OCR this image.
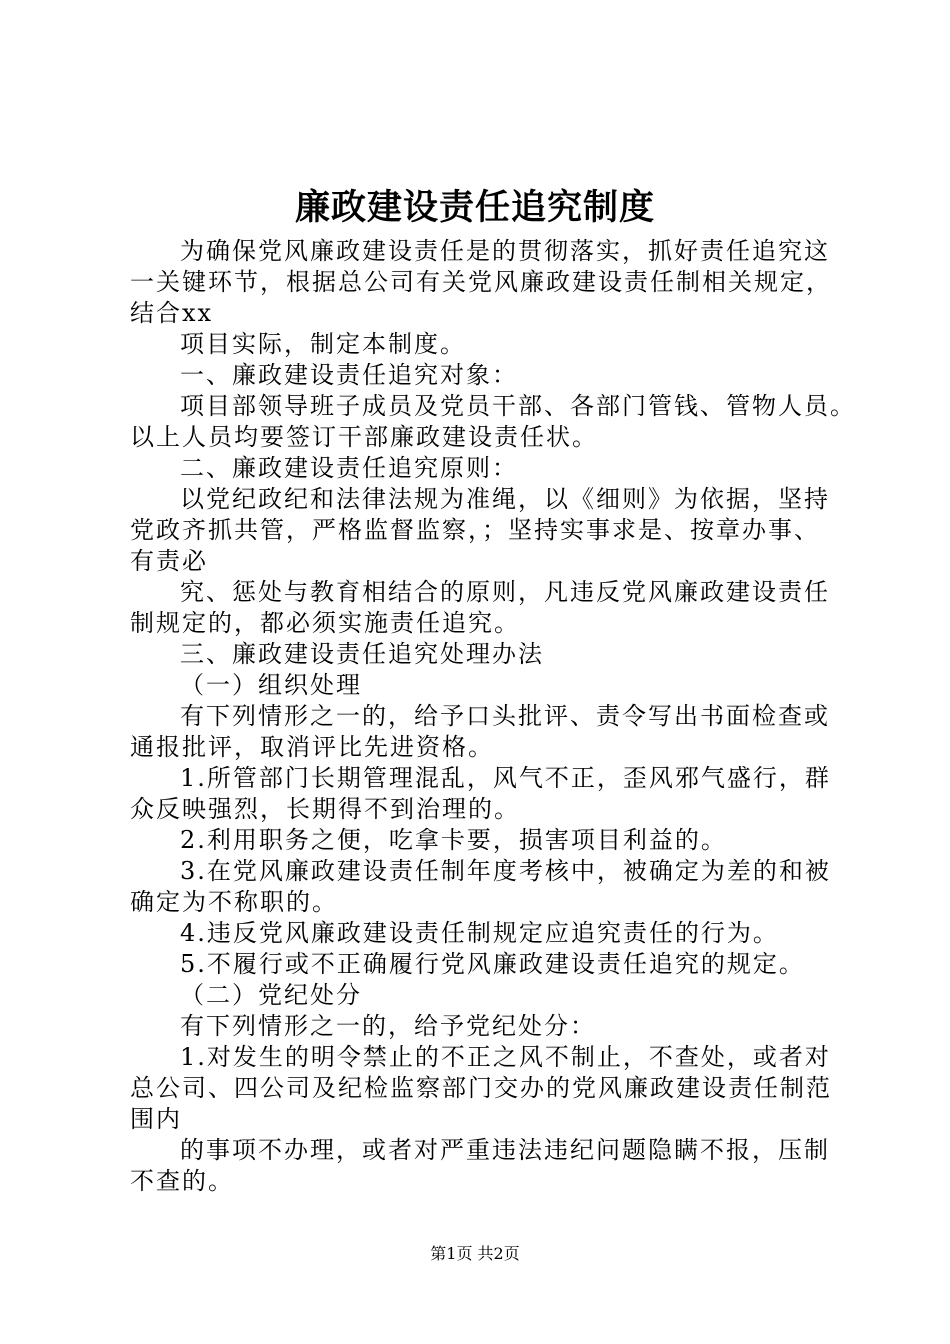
廉政建设责任追究制度
为确保党风廉政建设责任是的贯彻落实，抓好责任追究这
一关键环节，根据总公司有关党风廉政建设责任制相关规定，
结合xx
项目实际，制定本制度。
一、廉政建设责任追究对象：
项目部领导班子成员及党员干部、各部门管钱、管物人员。
以上人员均要签订干部廉政建设责任状。
二、廉政建设责任追究原则：
以党纪政纪和法律法规为准绳，以《细则》为依据，坚持
党政齐抓共管，严格监督监察，；坚持实事求是、按章办事、
有责必
究、惩处与教育相结合的原则，凡违反党风廉政建设责任
制规定的，都必须实施责任追究。
三、廉政建设责任追究处理办法
（一）组织处理
有下列情形之一的，给予口头批评、责令写出书面检查或
通报批评，取消评比先进资格。
1.所管部门长期管理混乱，风气不正，歪风邪气盛行，群
众反映强烈，长期得不到治理的。
2.利用职务之便，吃拿卡要，损害项目利益的。
3.在党风廉政建设责任制年度考核中，被确定为差的和被
确定为不称职的。
4.违反党风廉政建设责任制规定应追究责任的行为。
5.不履行或不正确履行党风廉政建设责任追究的规定。
（二）党纪处分
有下列情形之一的，给予党纪处分：
1.对发生的明令禁止的不正之风不制止，不查处，或者对
总公司、四公司及纪检监察部门交办的党风廉政建设责任制范
围内
的事项不办理，或者对严重违法违纪问题隐瞒不报，压制
不查的。
第1页 共2页
